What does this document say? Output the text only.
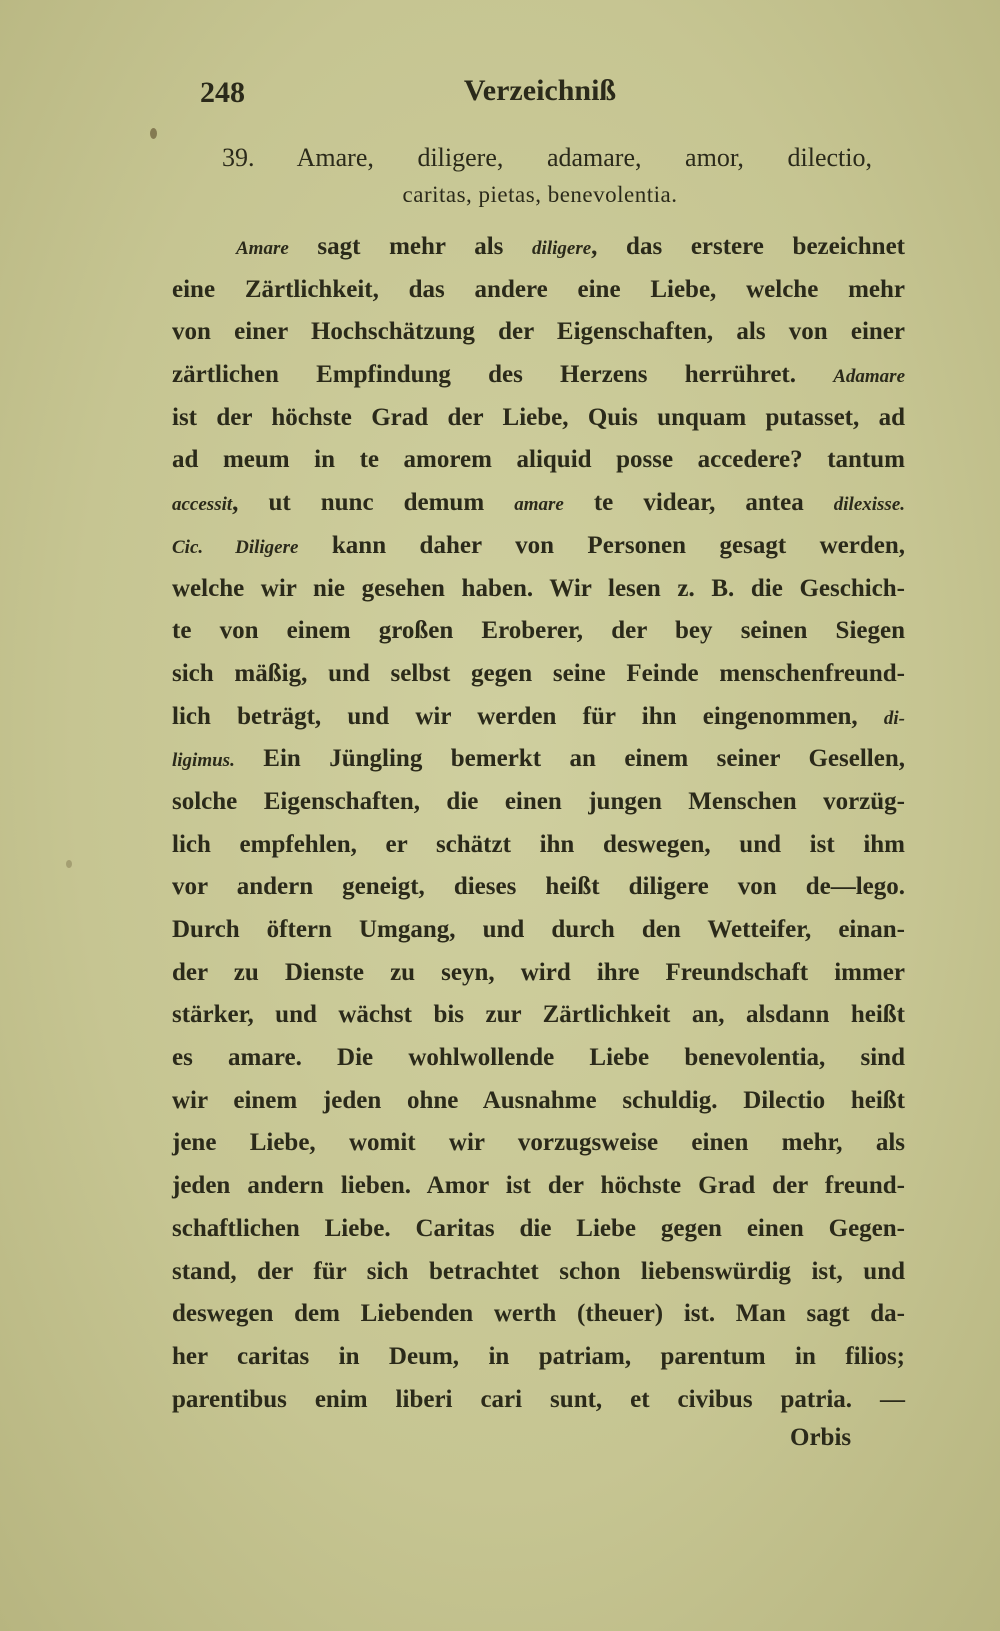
248	Verzeichniß
39. Amare, diligere, adamare, amor, dilectio,
caritas, pietas, benevolentia.
Amare sagt mehr als diligere, das erstere bezeichnet
eine Zärtlichkeit, das andere eine Liebe, welche mehr
von einer Hochschätzung der Eigenschaften, als von einer
zärtlichen Empfindung des Herzens herrühret. Adamare
ist der höchste Grad der Liebe, Quis unquam putasset, ad
ad meum in te amorem aliquid posse accedere? tantum
accessit, ut nunc demum amare te videar, antea dilexisse.
Cic. Diligere kann daher von Personen gesagt werden,
welche wir nie gesehen haben. Wir lesen z. B. die Geschich-
te von einem großen Eroberer, der bey seinen Siegen
sich mäßig, und selbst gegen seine Feinde menschenfreund-
lich beträgt, und wir werden für ihn eingenommen, di-
ligimus. Ein Jüngling bemerkt an einem seiner Gesellen,
solche Eigenschaften, die einen jungen Menschen vorzüg-
lich empfehlen, er schätzt ihn deswegen, und ist ihm
vor andern geneigt, dieses heißt diligere von de—lego.
Durch öftern Umgang, und durch den Wetteifer, einan-
der zu Dienste zu seyn, wird ihre Freundschaft immer
stärker, und wächst bis zur Zärtlichkeit an, alsdann heißt
es amare. Die wohlwollende Liebe benevolentia, sind
wir einem jeden ohne Ausnahme schuldig. Dilectio heißt
jene Liebe, womit wir vorzugsweise einen mehr, als
jeden andern lieben. Amor ist der höchste Grad der freund-
schaftlichen Liebe. Caritas die Liebe gegen einen Gegen-
stand, der für sich betrachtet schon liebenswürdig ist, und
deswegen dem Liebenden werth (theuer) ist. Man sagt da-
her caritas in Deum, in patriam, parentum in filios;
parentibus enim liberi cari sunt, et civibus patria. —
Orbis
